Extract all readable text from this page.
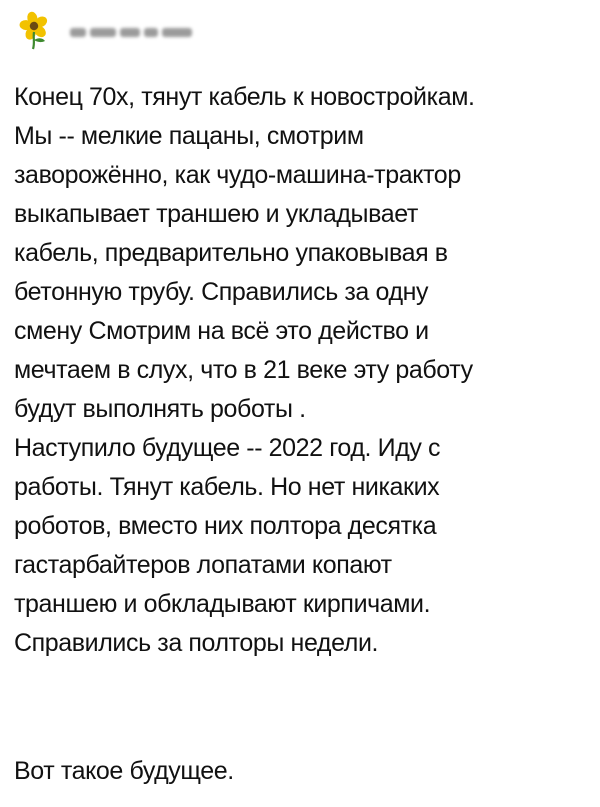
Конец 70х, тянут кабель к новостройкам.

Мы -- мелкие пацаны, смотрим

заворожённо, как чудо-машина-трактор

выкапывает траншею и укладывает

кабель, предварительно упаковывая в

бетонную трубу. Справились за одну

смену Смотрим на всё это действо и

мечтаем в слух, что в 21 веке эту работу

будут выполнять роботы .

Наступило будущее -- 2022 год. Иду с

работы. Тянут кабель. Но нет никаких

роботов, вместо них полтора десятка

гастарбайтеров лопатами копают

траншею и обкладывают кирпичами.

Справились за полторы недели.

Вот такое будущее.
